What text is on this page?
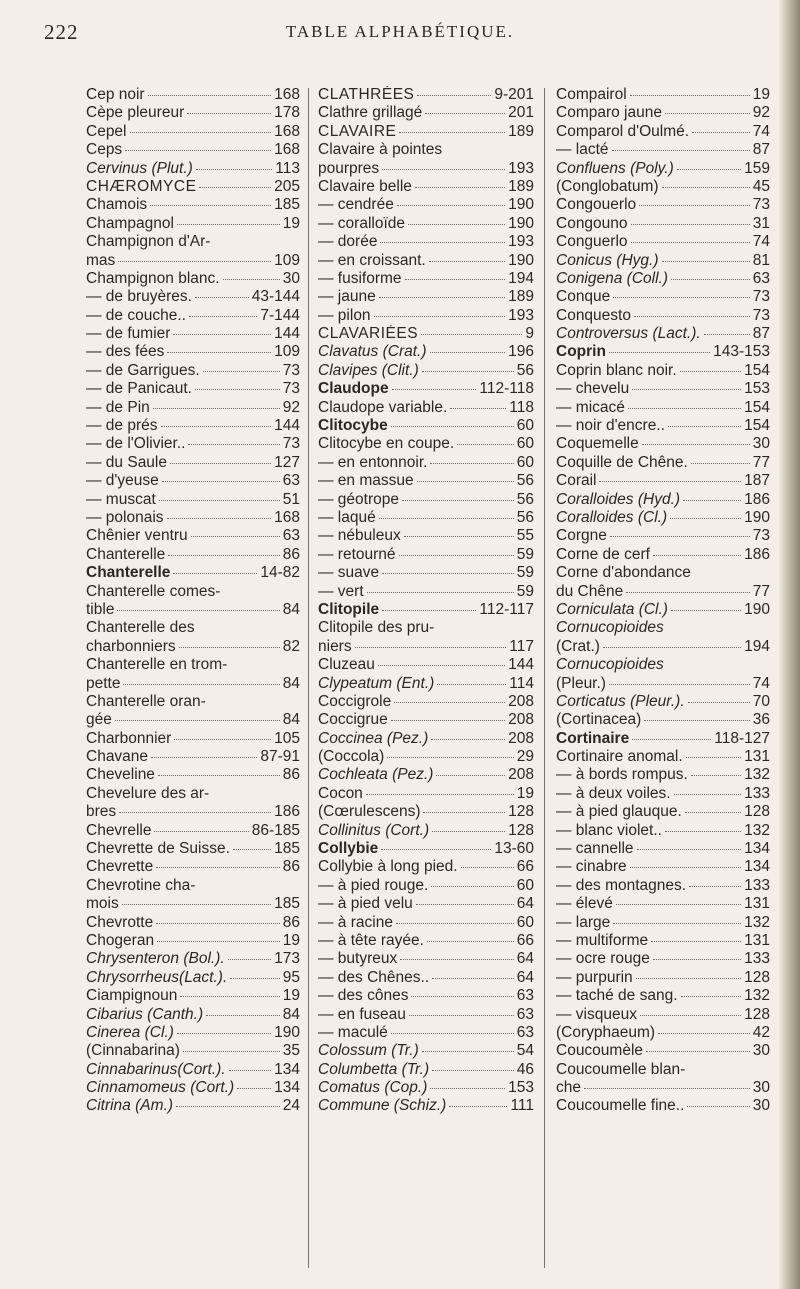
222	TABLE ALPHABÉTIQUE.
Cep noir	168
Cèpe pleureur	178
Cepel	168
Ceps	168
Cervinus (Plut.)	113
CHÆROMYCE	205
Chamois	185
Champagnol	19
Champignon d'Ar-
mas	109
Champignon blanc.	30
— de bruyères.	43-144
— de couche..	7-144
— de fumier	144
— des fées	109
— de Garrigues.	73
— de Panicaut.	73
— de Pin	92
— de prés	144
— de l'Olivier..	73
— du Saule	127
— d'yeuse	63
— muscat	51
— polonais	168
Chênier ventru	63
Chanterelle	86
Chanterelle	14-82
Chanterelle comes-
tible	84
Chanterelle des
charbonniers	82
Chanterelle en trom-
pette	84
Chanterelle oran-
gée	84
Charbonnier	105
Chavane	87-91
Cheveline	86
Chevelure des ar-
bres	186
Chevrelle	86-185
Chevrette de Suisse.	185
Chevrette	86
Chevrotine cha-
mois	185
Chevrotte	86
Chogeran	19
Chrysenteron (Bol.).	173
Chrysorrheus(Lact.).	95
Ciampignoun	19
Cibarius (Canth.)	84
Cinerea (Cl.)	190
(Cinnabarina)	35
Cinnabarinus(Cort.).	134
Cinnamomeus (Cort.)	134
Citrina (Am.)	24
CLATHRÉES	9-201
Clathre grillagé	201
CLAVAIRE	189
Clavaire à pointes
pourpres	193
Clavaire belle	189
— cendrée	190
— coralloïde	190
— dorée	193
— en croissant.	190
— fusiforme	194
— jaune	189
— pilon	193
CLAVARIÉES	9
Clavatus (Crat.)	196
Clavipes (Clit.)	56
Claudope	112-118
Claudope variable.	118
Clitocybe	60
Clitocybe en coupe.	60
— en entonnoir.	60
— en massue	56
— géotrope	56
— laqué	56
— nébuleux	55
— retourné	59
— suave	59
— vert	59
Clitopile	112-117
Clitopile des pru-
niers	117
Cluzeau	144
Clypeatum (Ent.)	114
Coccigrole	208
Coccigrue	208
Coccinea (Pez.)	208
(Coccola)	29
Cochleata (Pez.)	208
Cocon	19
(Cœrulescens)	128
Collinitus (Cort.)	128
Collybie	13-60
Collybie à long pied.	66
— à pied rouge.	60
— à pied velu	64
— à racine	60
— à tête rayée.	66
— butyreux	64
— des Chênes..	64
— des cônes	63
— en fuseau	63
— maculé	63
Colossum (Tr.)	54
Columbetta (Tr.)	46
Comatus (Cop.)	153
Commune (Schiz.)	111
Compairol	19
Comparo jaune	92
Comparol d'Oulmé.	74
— lacté	87
Confluens (Poly.)	159
(Conglobatum)	45
Congouerlo	73
Congouno	31
Conguerlo	74
Conicus (Hyg.)	81
Conigena (Coll.)	63
Conque	73
Conquesto	73
Controversus (Lact.).	87
Coprin	143-153
Coprin blanc noir.	154
— chevelu	153
— micacé	154
— noir d'encre..	154
Coquemelle	30
Coquille de Chêne.	77
Corail	187
Coralloides (Hyd.)	186
Coralloides (Cl.)	190
Corgne	73
Corne de cerf	186
Corne d'abondance
du Chêne	77
Corniculata (Cl.)	190
Cornucopioides
(Crat.)	194
Cornucopioides
(Pleur.)	74
Corticatus (Pleur.).	70
(Cortinacea)	36
Cortinaire	118-127
Cortinaire anomal.	131
— à bords rompus.	132
— à deux voiles.	133
— à pied glauque.	128
— blanc violet..	132
— cannelle	134
— cinabre	134
— des montagnes.	133
— élevé	131
— large	132
— multiforme	131
— ocre rouge	133
— purpurin	128
— taché de sang.	132
— visqueux	128
(Coryphaeum)	42
Coucoumèle	30
Coucoumelle blan-
che	30
Coucoumelle fine..	30
